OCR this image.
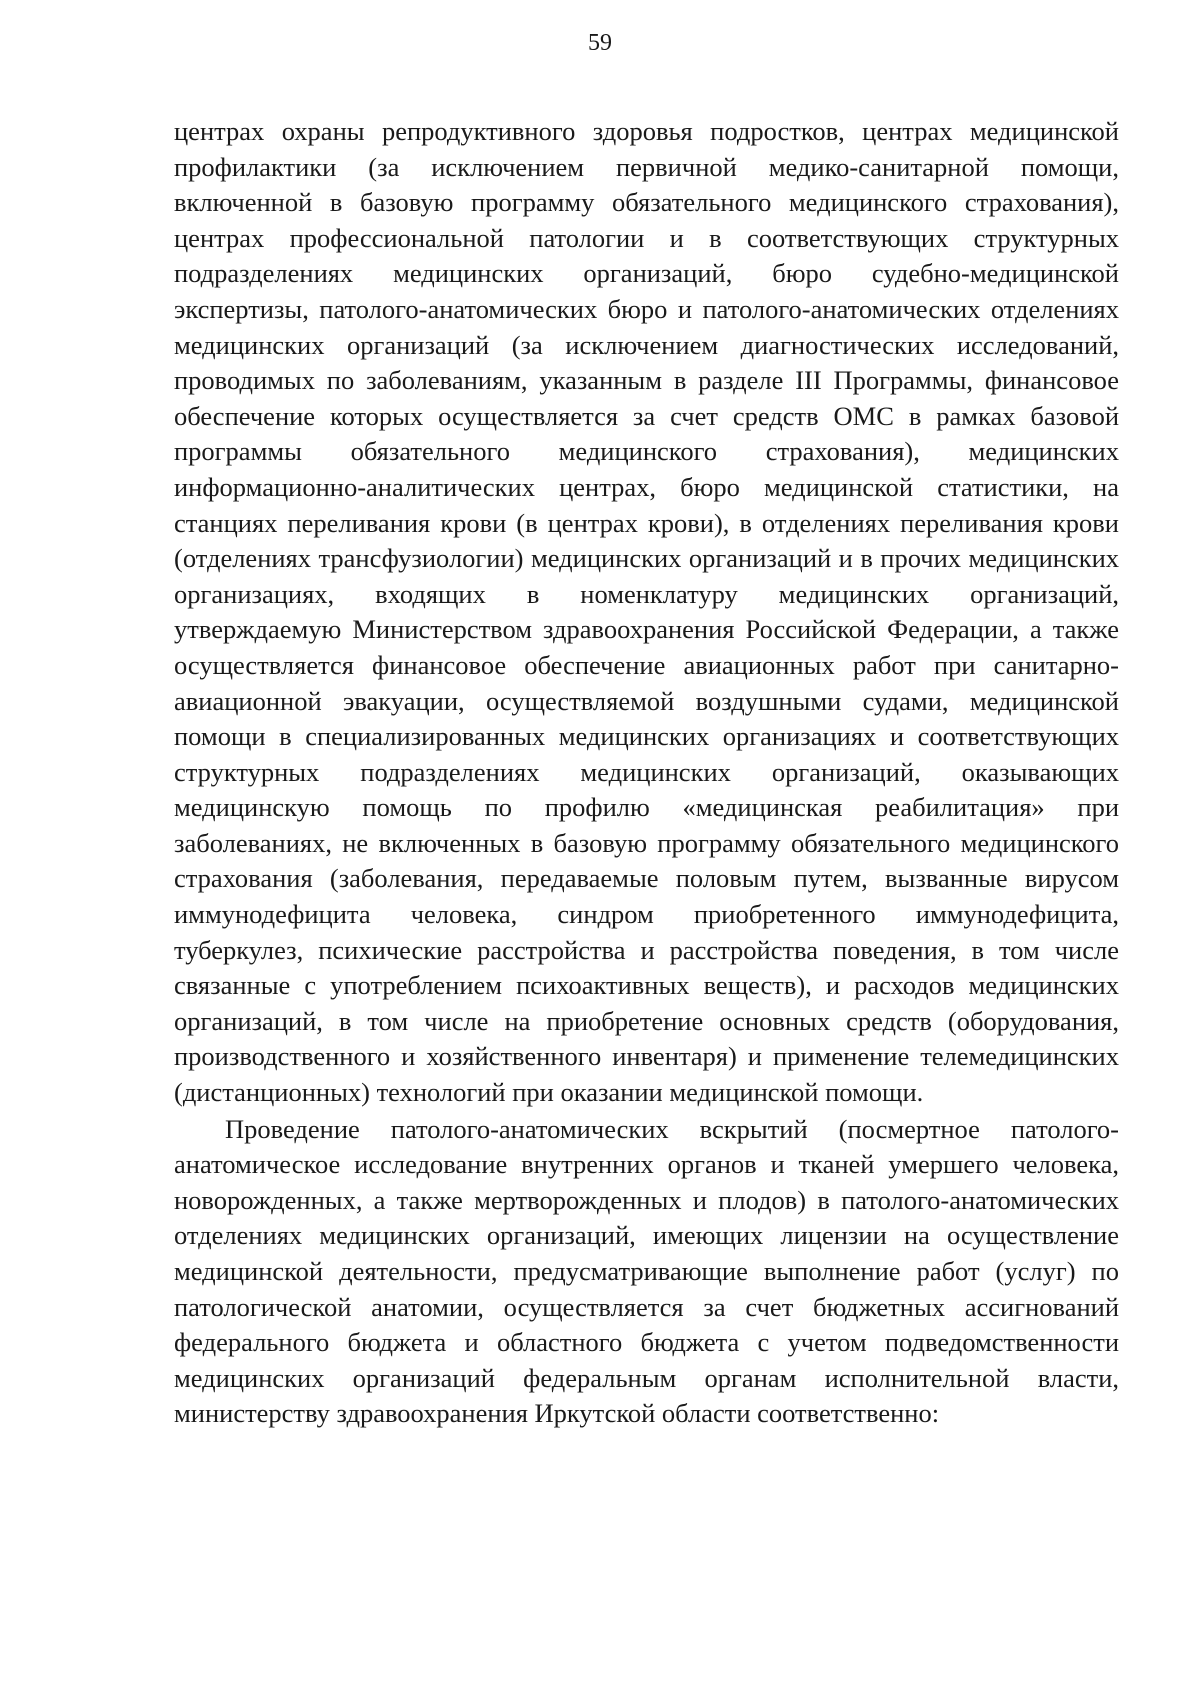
59

центрах охраны репродуктивного здоровья подростков, центрах медицинской профилактики (за исключением первичной медико-санитарной помощи, включенной в базовую программу обязательного медицинского страхования), центрах профессиональной патологии и в соответствующих структурных подразделениях медицинских организаций, бюро судебно-медицинской экспертизы, патолого-анатомических бюро и патолого-анатомических отделениях медицинских организаций (за исключением диагностических исследований, проводимых по заболеваниям, указанным в разделе III Программы, финансовое обеспечение которых осуществляется за счет средств ОМС в рамках базовой программы обязательного медицинского страхования), медицинских информационно-аналитических центрах, бюро медицинской статистики, на станциях переливания крови (в центрах крови), в отделениях переливания крови (отделениях трансфузиологии) медицинских организаций и в прочих медицинских организациях, входящих в номенклатуру медицинских организаций, утверждаемую Министерством здравоохранения Российской Федерации, а также осуществляется финансовое обеспечение авиационных работ при санитарно-авиационной эвакуации, осуществляемой воздушными судами, медицинской помощи в специализированных медицинских организациях и соответствующих структурных подразделениях медицинских организаций, оказывающих медицинскую помощь по профилю «медицинская реабилитация» при заболеваниях, не включенных в базовую программу обязательного медицинского страхования (заболевания, передаваемые половым путем, вызванные вирусом иммунодефицита человека, синдром приобретенного иммунодефицита, туберкулез, психические расстройства и расстройства поведения, в том числе связанные с употреблением психоактивных веществ), и расходов медицинских организаций, в том числе на приобретение основных средств (оборудования, производственного и хозяйственного инвентаря) и применение телемедицинских (дистанционных) технологий при оказании медицинской помощи.

Проведение патолого-анатомических вскрытий (посмертное патолого-анатомическое исследование внутренних органов и тканей умершего человека, новорожденных, а также мертворожденных и плодов) в патолого-анатомических отделениях медицинских организаций, имеющих лицензии на осуществление медицинской деятельности, предусматривающие выполнение работ (услуг) по патологической анатомии, осуществляется за счет бюджетных ассигнований федерального бюджета и областного бюджета с учетом подведомственности медицинских организаций федеральным органам исполнительной власти, министерству здравоохранения Иркутской области соответственно:
